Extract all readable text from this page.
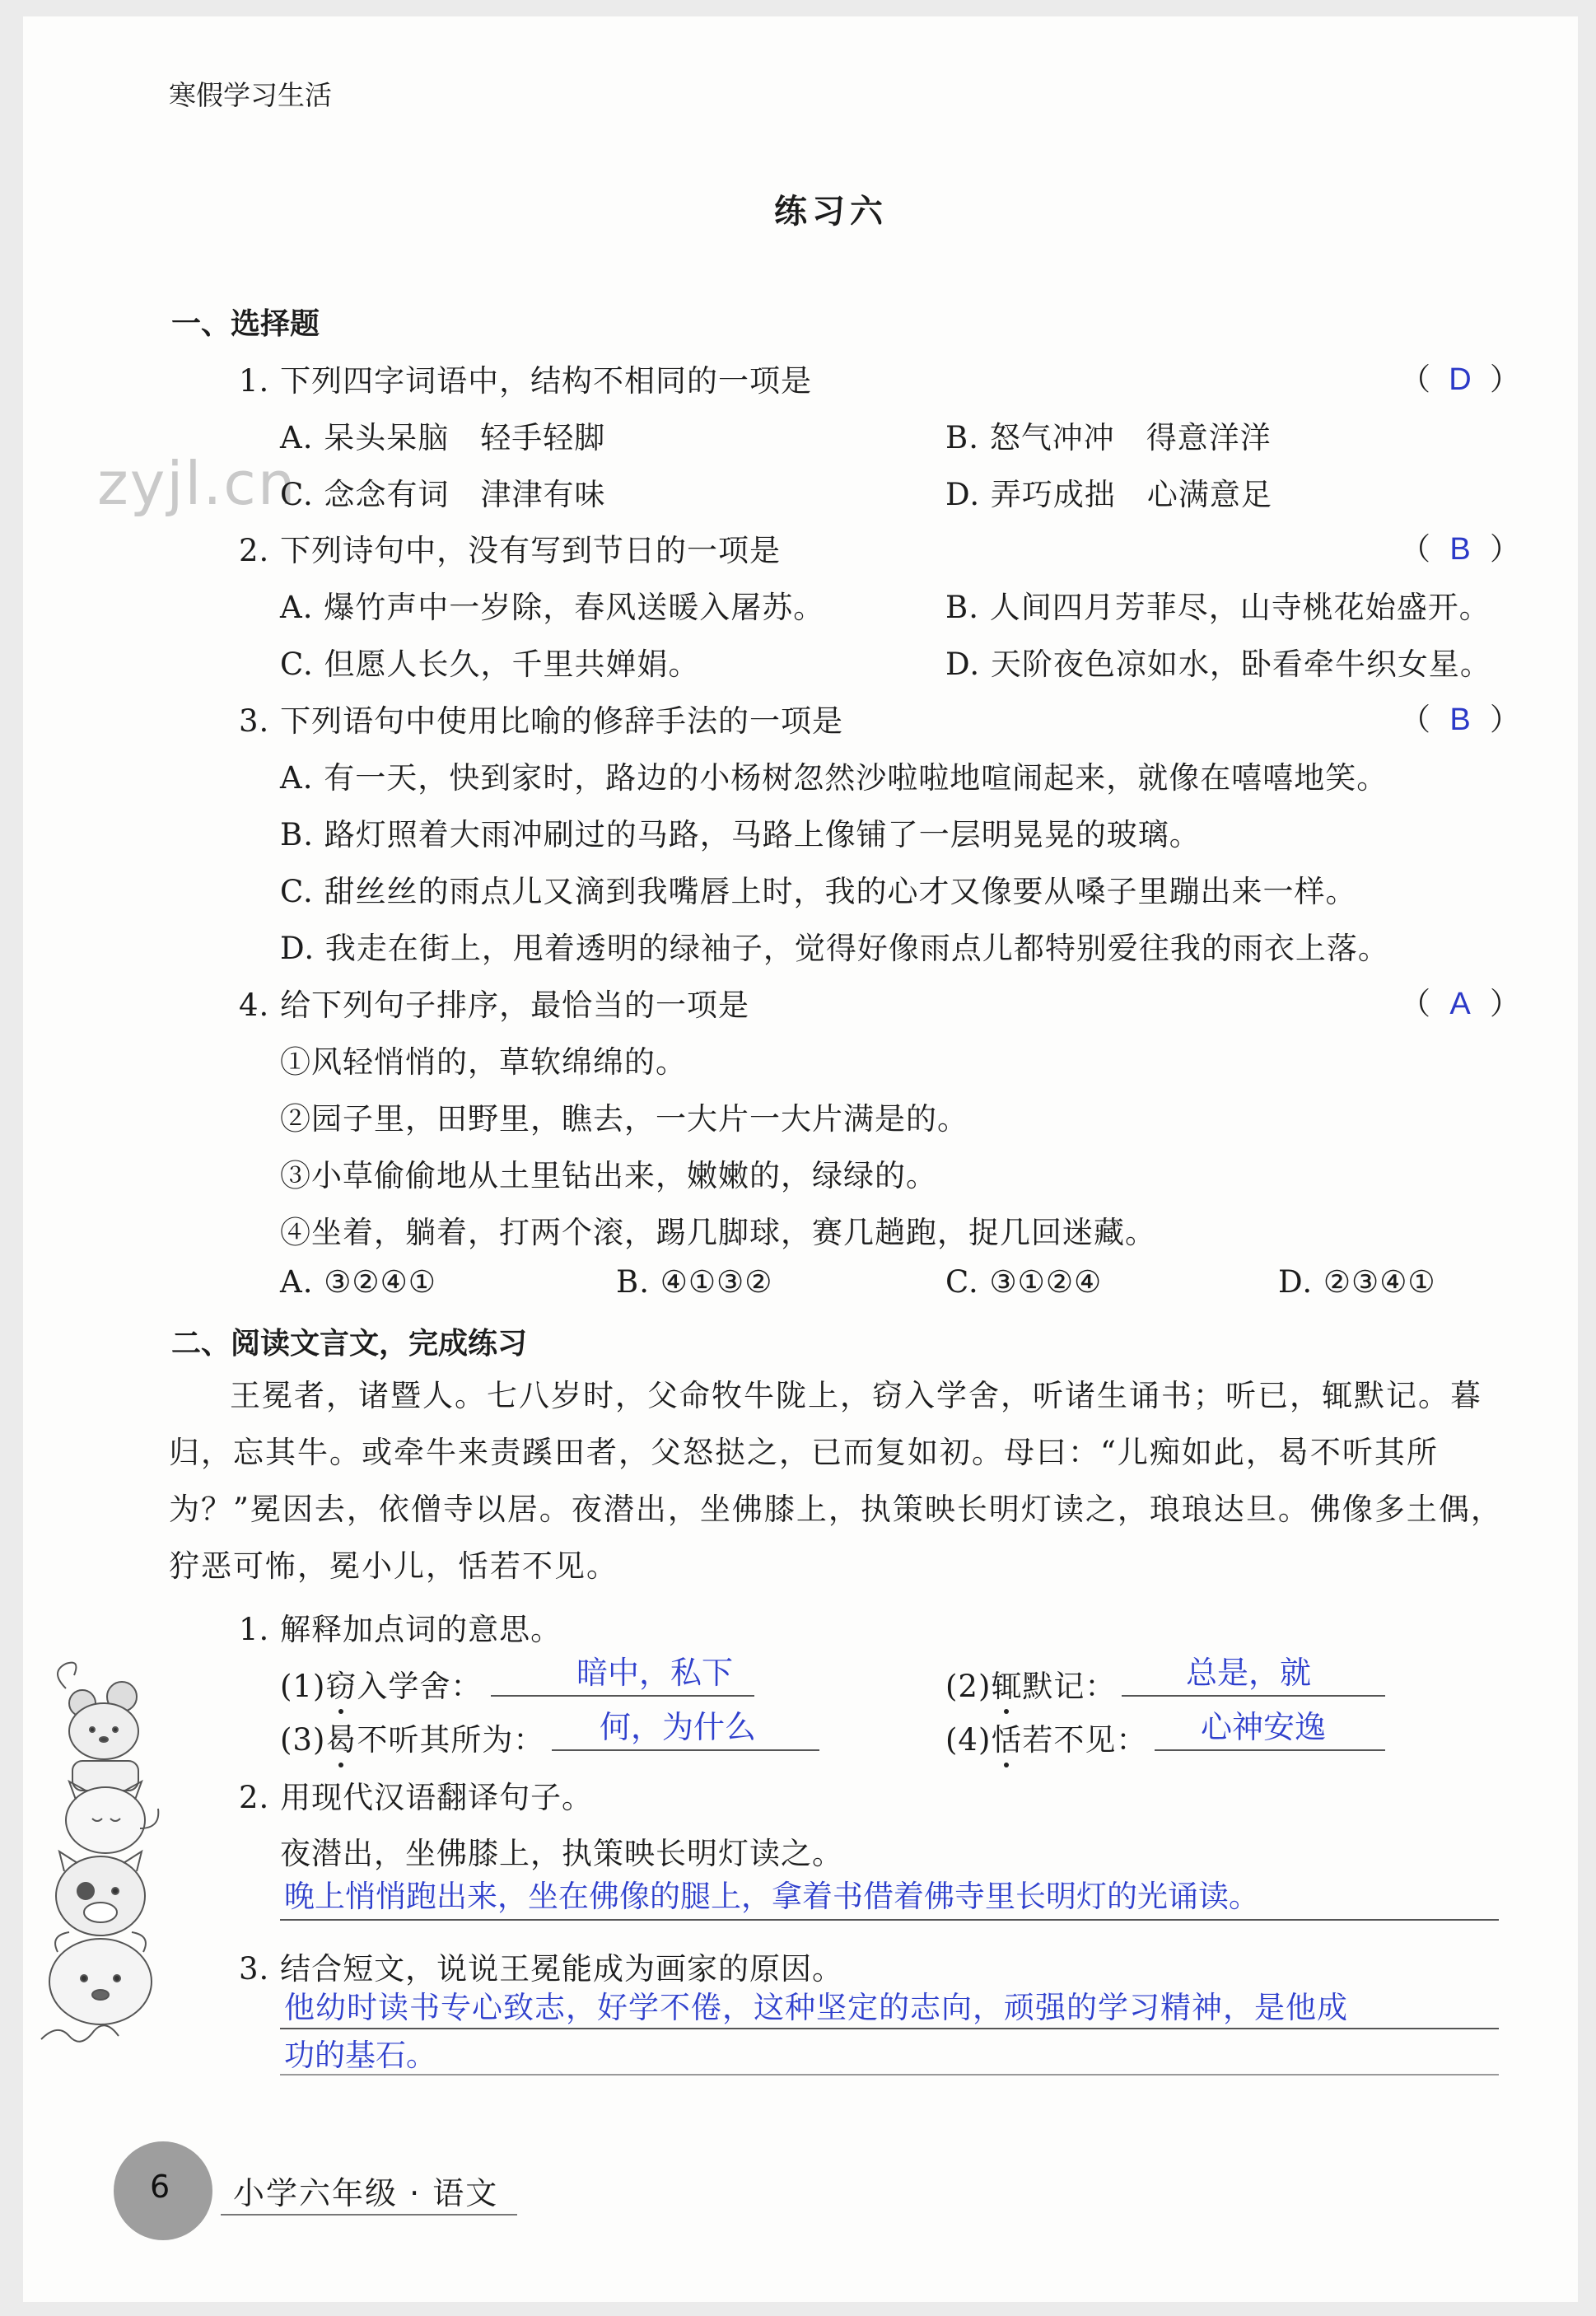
寒假学习生活
练习六
zyjl.cn
一、选择题
1. 下列四字词语中，结构不相同的一项是	（ D ）
A. 呆头呆脑　轻手轻脚	B. 怒气冲冲　得意洋洋
C. 念念有词　津津有味	D. 弄巧成拙　心满意足
2. 下列诗句中，没有写到节日的一项是	（ B ）
A. 爆竹声中一岁除，春风送暖入屠苏。	B. 人间四月芳菲尽，山寺桃花始盛开。
C. 但愿人长久，千里共婵娟。	D. 天阶夜色凉如水，卧看牵牛织女星。
3. 下列语句中使用比喻的修辞手法的一项是	（ B ）
A. 有一天，快到家时，路边的小杨树忽然沙啦啦地喧闹起来，就像在嘻嘻地笑。
B. 路灯照着大雨冲刷过的马路，马路上像铺了一层明晃晃的玻璃。
C. 甜丝丝的雨点儿又滴到我嘴唇上时，我的心才又像要从嗓子里蹦出来一样。
D. 我走在街上，甩着透明的绿袖子，觉得好像雨点儿都特别爱往我的雨衣上落。
4. 给下列句子排序，最恰当的一项是	（ A ）
①风轻悄悄的，草软绵绵的。
②园子里，田野里，瞧去，一大片一大片满是的。
③小草偷偷地从土里钻出来，嫩嫩的，绿绿的。
④坐着，躺着，打两个滚，踢几脚球，赛几趟跑，捉几回迷藏。
A. ③②④①	B. ④①③②	C. ③①②④	D. ②③④①
二、阅读文言文，完成练习
王冕者，诸暨人。七八岁时，父命牧牛陇上，窃入学舍，听诸生诵书；听已，辄默记。暮归，忘其牛。或牵牛来责蹊田者，父怒挞之，已而复如初。母曰：“儿痴如此，曷不听其所为？”冕因去，依僧寺以居。夜潜出，坐佛膝上，执策映长明灯读之，琅琅达旦。佛像多土偶，狞恶可怖，冕小儿，恬若不见。
1. 解释加点词的意思。
(1)窃入学舍：	暗中，私下	(2)辄默记： 总是，就
(3)曷不听其所为： 何，为什么	(4)恬若不见： 心神安逸
2. 用现代汉语翻译句子。
夜潜出，坐佛膝上，执策映长明灯读之。
晚上悄悄跑出来，坐在佛像的腿上，拿着书借着佛寺里长明灯的光诵读。
3. 结合短文，说说王冕能成为画家的原因。
他幼时读书专心致志，好学不倦，这种坚定的志向，顽强的学习精神，是他成
功的基石。
6 小学六年级 · 语文
